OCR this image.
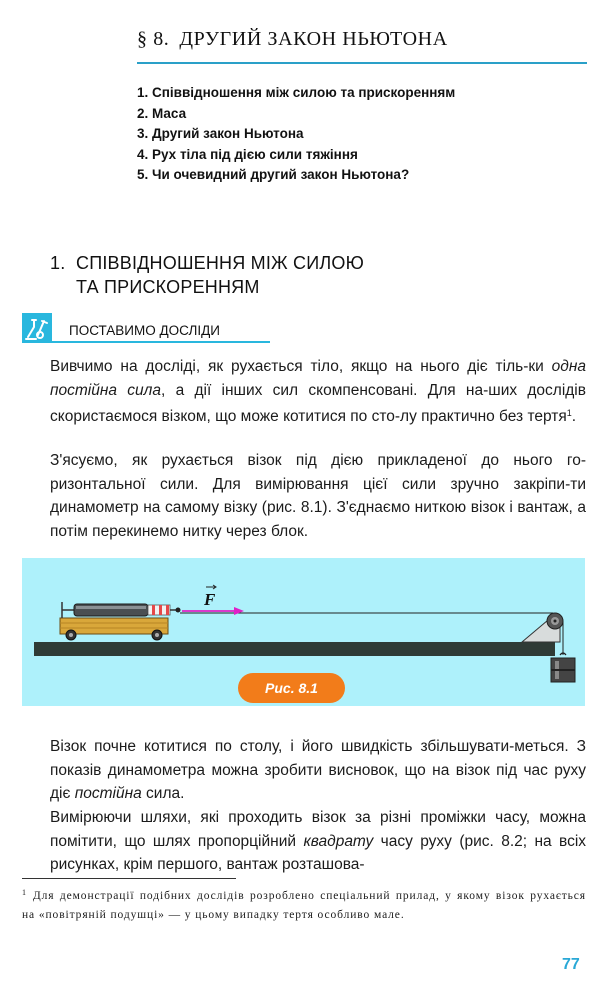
§ 8. ДРУГИЙ ЗАКОН НЬЮТОНА
1. Співвідношення між силою та прискоренням
2. Маса
3. Другий закон Ньютона
4. Рух тіла під дією сили тяжіння
5. Чи очевидний другий закон Ньютона?
1. СПІВВІДНОШЕННЯ МІЖ СИЛОЮ
ТА ПРИСКОРЕННЯМ
ПОСТАВИМО ДОСЛІДИ

Вивчимо на досліді, як рухається тіло, якщо на нього діє тіль-ки одна постійна сила, а дії інших сил скомпенсовані. Для на-ших дослідів скористаємося візком, що може котитися по сто-лу практично без тертя$^1$.

З'ясуємо, як рухається візок під дією прикладеної до нього го-ризонтальної сили. Для вимірювання цієї сили зручно закріпи-ти динамометр на самому візку (рис. 8.1). З'єднаємо ниткою візок і вантаж, а потім перекинемо нитку через блок.

F
Рис. 8.1

Візок почне котитися по столу, і його швидкість збільшувати-меться. З показів динамометра можна зробити висновок, що на візок під час руху діє постійна сила.

Вимірюючи шляхи, які проходить візок за різні проміжки часу, можна помітити, що шлях пропорційний квадрату часу руху (рис. 8.2; на всіх рисунках, крім першого, вантаж розташова-

$^1$ Для демонстрації подібних дослідів розроблено спеціальний прилад, у якому візок рухається на «повітряній подушці» — у цьому випадку тертя особливо мале.

77
